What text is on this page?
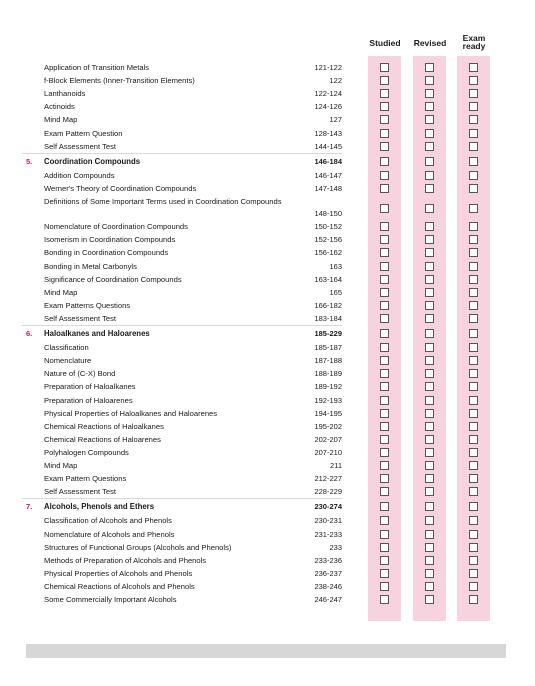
Studied	Revised	Exam
ready
Application of Transition Metals	121-122
f-Block Elements (Inner-Transition Elements)	122
Lanthanoids	122-124
Actinoids	124-126
Mind Map	127
Exam Pattern Question	128-143
Self Assessment Test	144-145
5. Coordination Compounds	146-184
Addition Compounds	146-147
Werner's Theory of Coordination Compounds	147-148
Definitions of Some Important Terms used in Coordination Compounds
148-150
Nomenclature of Coordination Compounds	150-152
Isomerism in Coordination Compounds	152-156
Bonding in Coordination Compounds	156-162
Bonding in Metal Carbonyls	163
Significance of Coordination Compounds	163-164
Mind Map	165
Exam Patterns Questions	166-182
Self Assessment Test	183-184
6. Haloalkanes and Haloarenes	185-229
Classification	185-187
Nomenclature	187-188
Nature of (C-X) Bond	188-189
Preparation of Haloalkanes	189-192
Preparation of Haloarenes	192-193
Physical Properties of Haloalkanes and Haloarenes	194-195
Chemical Reactions of Haloalkanes	195-202
Chemical Reactions of Haloarenes	202-207
Polyhalogen Compounds	207-210
Mind Map	211
Exam Pattern Questions	212-227
Self Assessment Test	228-229
7. Alcohols, Phenols and Ethers	230-274
Classification of Alcohols and Phenols	230-231
Nomenclature of Alcohols and Phenols	231-233
Structures of Functional Groups (Alcohols and Phenols)	233
Methods of Preparation of Alcohols and Phenols	233-236
Physical Properties of Alcohols and Phenols	236-237
Chemical Reactions of Alcohols and Phenols	238-246
Some Commercially Important Alcohols	246-247
